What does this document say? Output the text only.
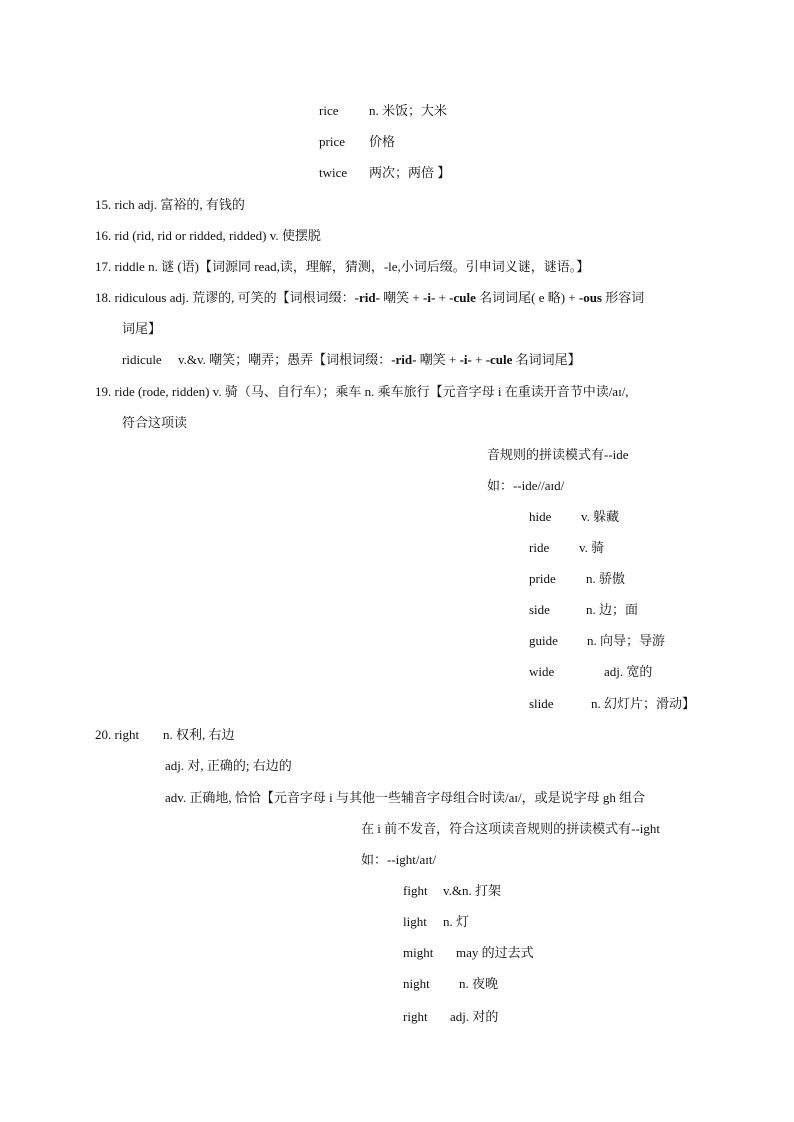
rice n. 米饭；大米
price 价格
twice 两次；两倍 】
15. rich adj. 富裕的, 有钱的
16. rid (rid, rid or ridded, ridded) v. 使摆脱
17. riddle n. 谜 (语)【词源同 read,读，理解，猜测，-le,小词后缀。引申词义谜，谜语。】
18. ridiculous adj. 荒谬的, 可笑的【词根词缀：-rid- 嘲笑 + -i- + -cule 名词词尾( e 略) + -ous 形容词
词尾】
ridicule v.&v. 嘲笑；嘲弄；愚弄【词根词缀：-rid- 嘲笑 + -i- + -cule 名词词尾】
19. ride (rode, ridden) v. 骑（马、自行车）；乘车 n. 乘车旅行【元音字母 i 在重读开音节中读/aɪ/,
符合这项读
音规则的拼读模式有--ide
如：--ide//aɪd/
hide v. 躲藏
ride v. 骑
pride n. 骄傲
side	n. 边；面
guide n. 向导；导游
wide	adj. 宽的
slide	n. 幻灯片；滑动】
20. right n. 权利, 右边
adj. 对, 正确的; 右边的
adv. 正确地, 恰恰【元音字母 i 与其他一些辅音字母组合时读/aɪ/，或是说字母 gh 组合
在 i 前不发音，符合这项读音规则的拼读模式有--ight
如：--ight/aɪt/
fight v.&n. 打架
light n. 灯
might may 的过去式
night n. 夜晚
right adj. 对的
